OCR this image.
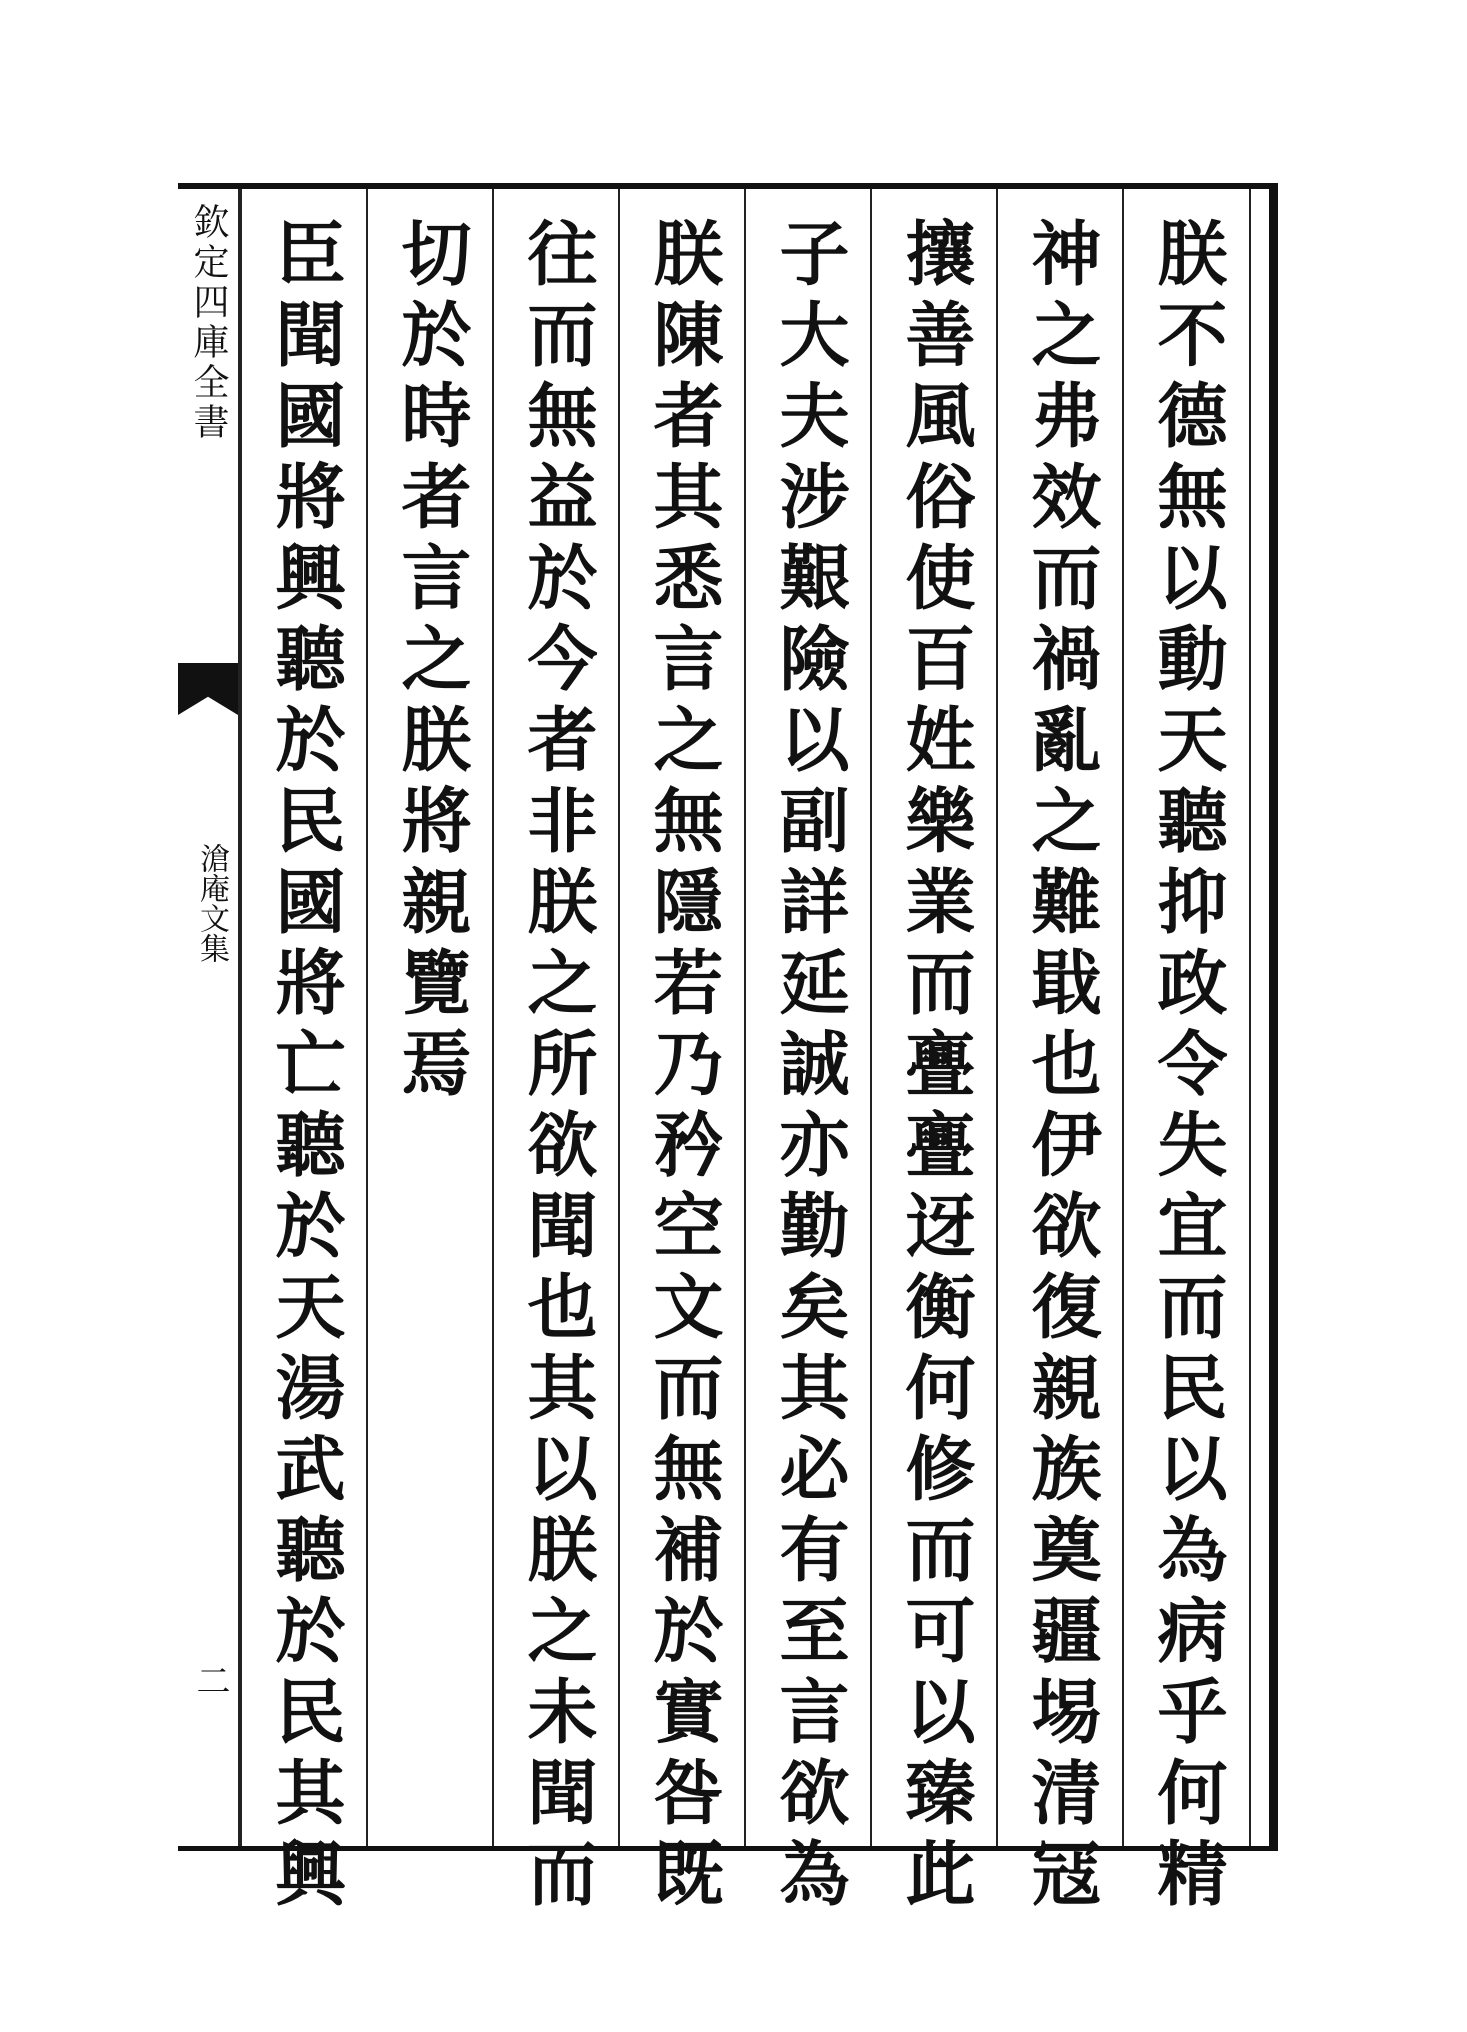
欽定四庫全書
滄庵文集
二	朕不德無以動天聽抑政令失宜而民以為病乎何精
神之弗效而禍亂之難戢也伊欲復親族奠疆埸清冦
攘善風俗使百姓樂業而亹亹迓衡何修而可以臻此
子大夫涉艱險以副詳延誠亦勤矣其必有至言欲為
朕陳者其悉言之無隱若乃矜空文而無補於實咎既
往而無益於今者非朕之所欲聞也其以朕之未聞而
切於時者言之朕將親覽焉
臣聞國將興聽於民國將亡聽於天湯武聽於民其興
